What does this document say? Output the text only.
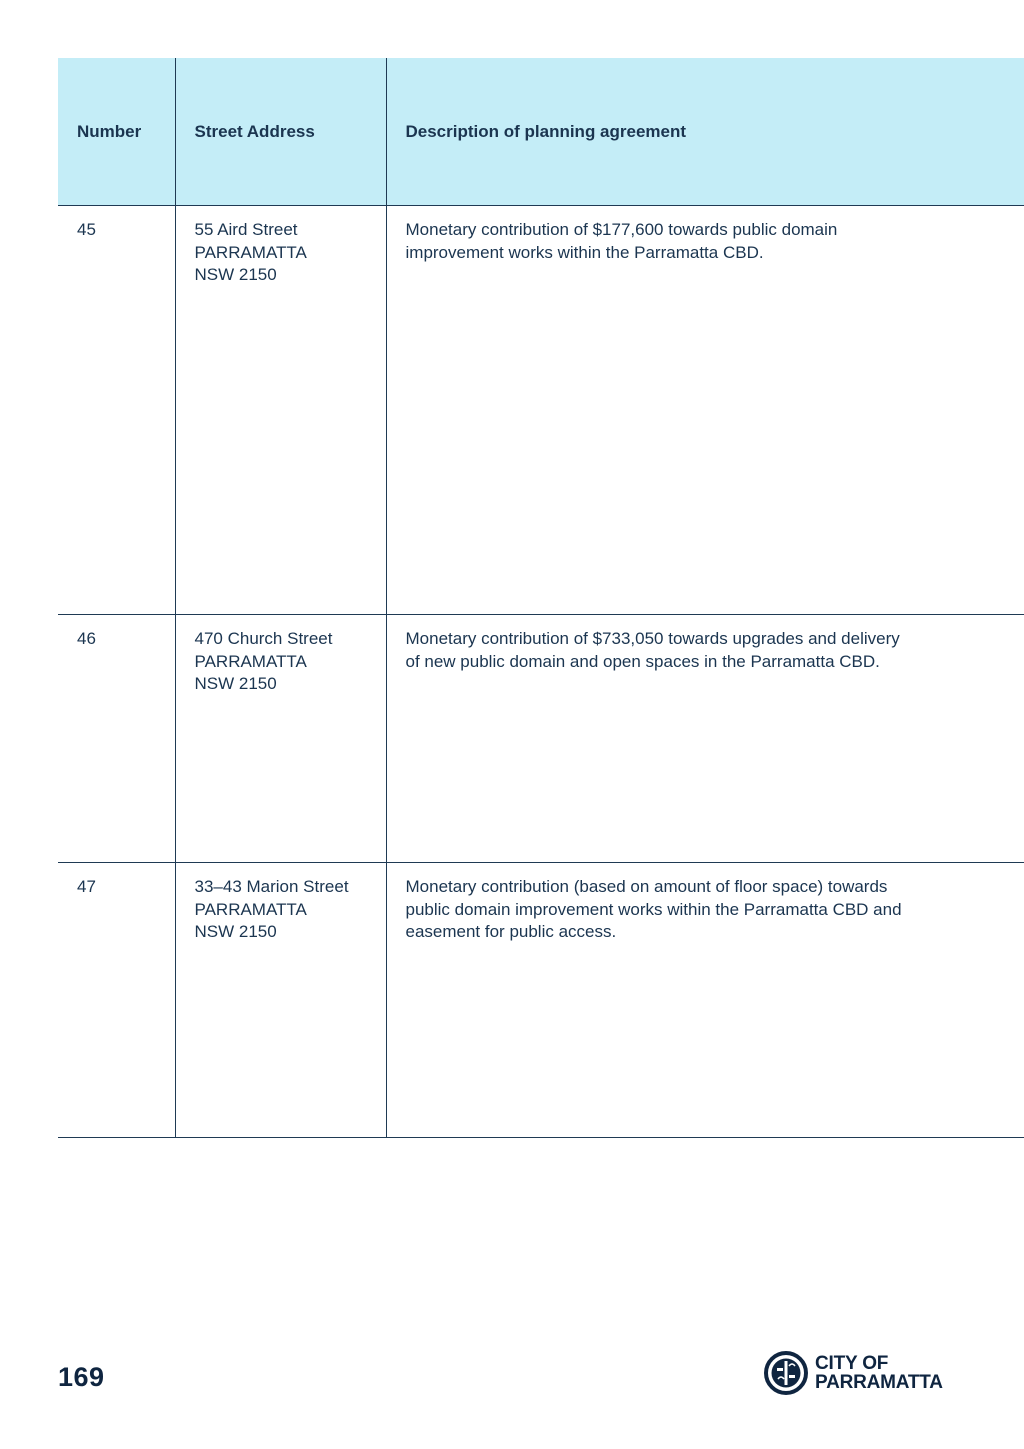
Number	Street Address	Description of planning agreement

45	55 Aird Street
PARRAMATTA
NSW 2150	Monetary contribution of $177,600 towards public domain improvement works within the Parramatta CBD.

46	470 Church Street
PARRAMATTA
NSW 2150	Monetary contribution of $733,050 towards upgrades and delivery of new public domain and open spaces in the Parramatta CBD.

47	33–43 Marion Street
PARRAMATTA
NSW 2150	Monetary contribution (based on amount of floor space) towards public domain improvement works within the Parramatta CBD and easement for public access.
169	CITY OF
PARRAMATTA
